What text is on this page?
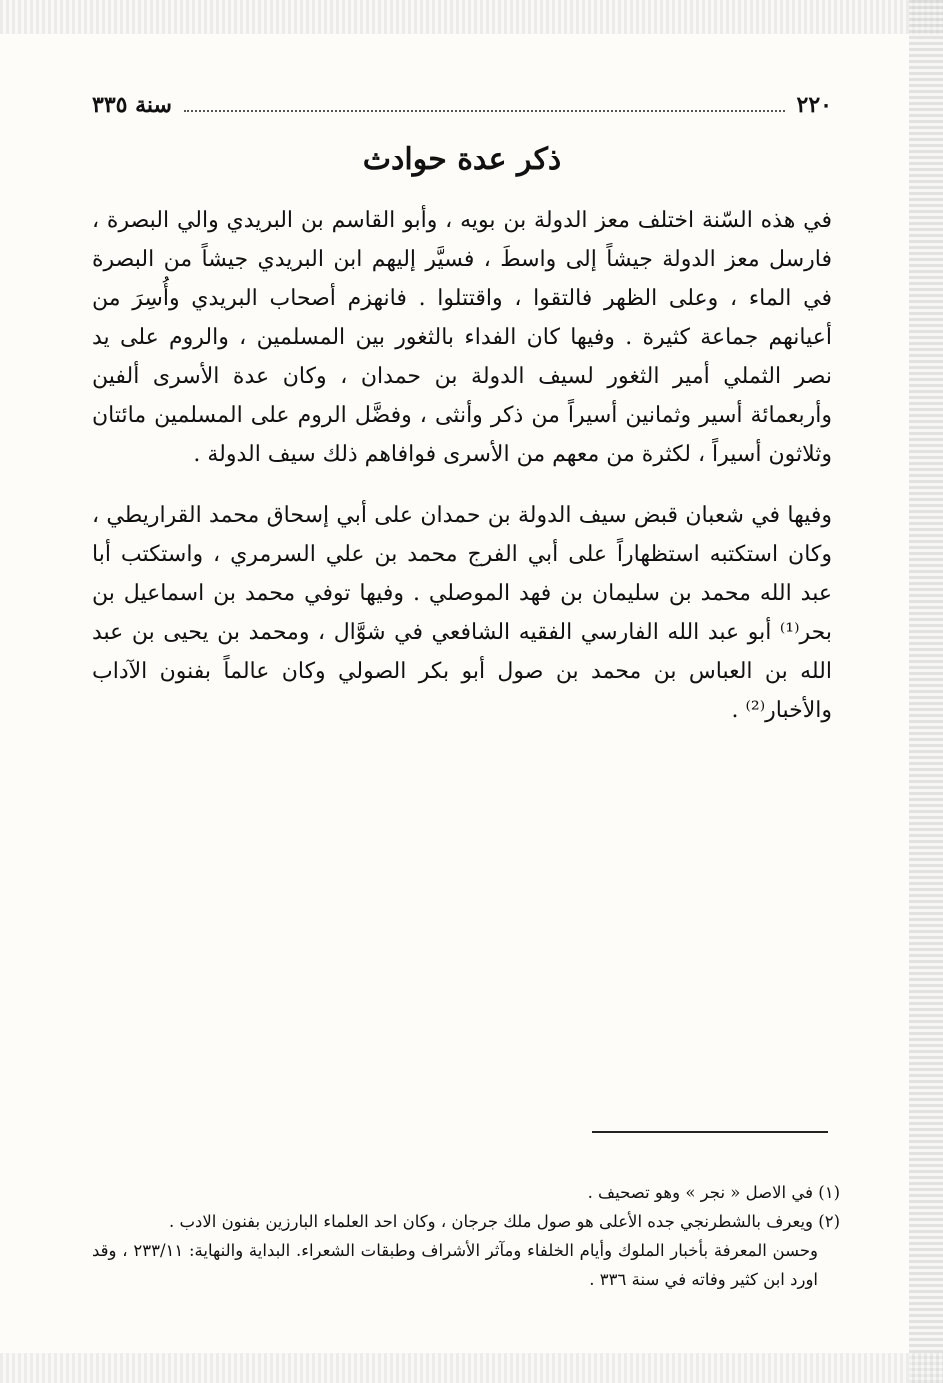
٢٢٠
سنة ٣٣٥
ذكر عدة حوادث

في هذه السّنة اختلف معز الدولة بن بويه ، وأبو القاسم بن البريدي والي البصرة ، فارسل معز الدولة جيشاً إلى واسطَ ، فسيَّر إليهم ابن البريدي جيشاً من البصرة في الماء ، وعلى الظهر فالتقوا ، واقتتلوا . فانهزم أصحاب البريدي وأُسِرَ من أعيانهم جماعة كثيرة . وفيها كان الفداء بالثغور بين المسلمين ، والروم على يد نصر الثملي أمير الثغور لسيف الدولة بن حمدان ، وكان عدة الأسرى ألفين وأربعمائة أسير وثمانين أسيراً من ذكر وأنثى ، وفضَّل الروم على المسلمين مائتان وثلاثون أسيراً ، لكثرة من معهم من الأسرى فوافاهم ذلك سيف الدولة .

وفيها في شعبان قبض سيف الدولة بن حمدان على أبي إسحاق محمد القراريطي ، وكان استكتبه استظهاراً على أبي الفرج محمد بن علي السرمري ، واستكتب أبا عبد الله محمد بن سليمان بن فهد الموصلي . وفيها توفي محمد بن اسماعيل بن بحر⁽¹⁾ أبو عبد الله الفارسي الفقيه الشافعي في شوَّال ، ومحمد بن يحيى بن عبد الله بن العباس بن محمد بن صول أبو بكر الصولي وكان عالماً بفنون الآداب والأخبار⁽²⁾ .

(١) في الاصل « نجر » وهو تصحيف .

(٢) ويعرف بالشطرنجي جده الأعلى هو صول ملك جرجان ، وكان احد العلماء البارزين بفنون الادب .

وحسن المعرفة بأخبار الملوك وأيام الخلفاء ومآثر الأشراف وطبقات الشعراء. البداية والنهاية: ٢٣٣/١١ ، وقد اورد ابن كثير وفاته في سنة ٣٣٦ .
